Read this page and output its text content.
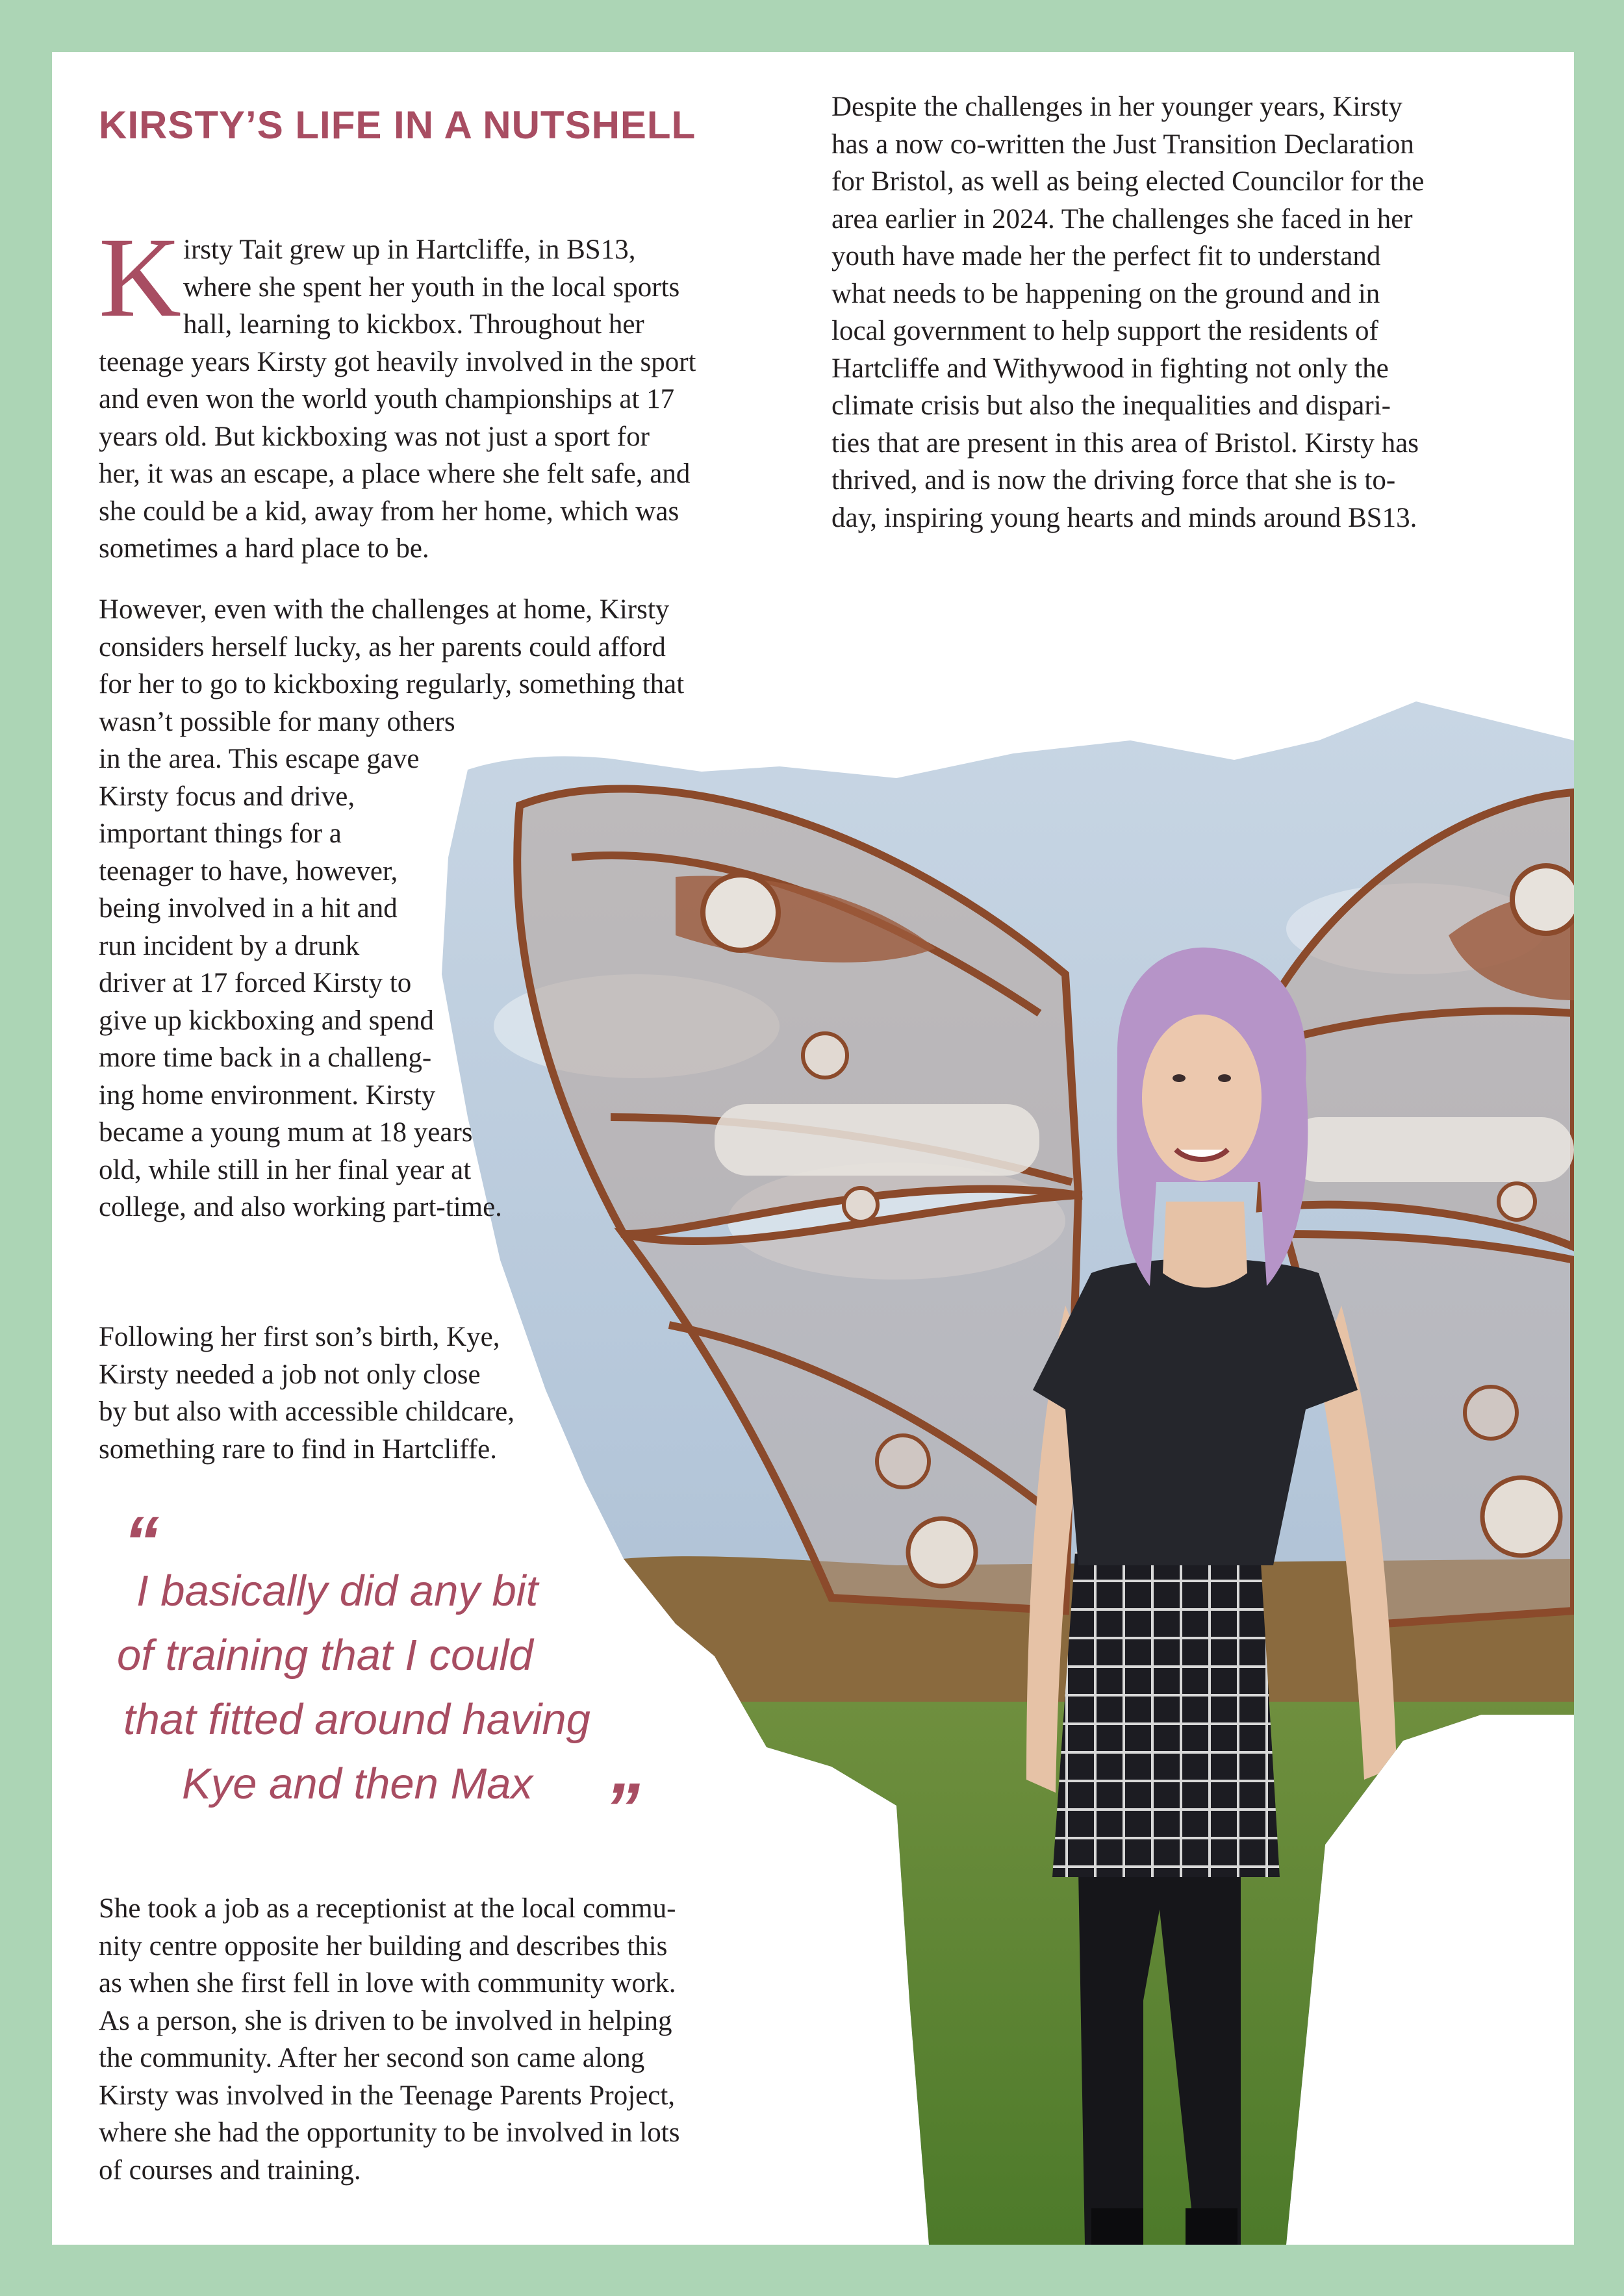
KIRSTY’S LIFE IN A NUTSHELL
K irsty Tait grew up in Hartcliffe, in BS13,
where she spent her youth in the local sports
hall, learning to kickbox. Throughout her
teenage years Kirsty got heavily involved in the sport
and even won the world youth championships at 17
years old. But kickboxing was not just a sport for
her, it was an escape, a place where she felt safe, and
she could be a kid, away from her home, which was
sometimes a hard place to be.

However, even with the challenges at home, Kirsty
considers herself lucky, as her parents could afford
for her to go to kickboxing regularly, something that
wasn’t possible for many others
in the area. This escape gave
Kirsty focus and drive,
important things for a
teenager to have, however,
being involved in a hit and
run incident by a drunk
driver at 17 forced Kirsty to
give up kickboxing and spend
more time back in a challeng-
ing home environment. Kirsty
became a young mum at 18 years
old, while still in her final year at
college, and also working part-time.

Following her first son’s birth, Kye,
Kirsty needed a job not only close
by but also with accessible childcare,
something rare to find in Hartcliffe.

“

I basically did any bit
of training that I could
that fitted around having
Kye and then Max ”

She took a job as a receptionist at the local commu-
nity centre opposite her building and describes this
as when she first fell in love with community work.
As a person, she is driven to be involved in helping
the community. After her second son came along
Kirsty was involved in the Teenage Parents Project,
where she had the opportunity to be involved in lots
of courses and training.

Despite the challenges in her younger years, Kirsty
has a now co-written the Just Transition Declaration
for Bristol, as well as being elected Councilor for the
area earlier in 2024. The challenges she faced in her
youth have made her the perfect fit to understand
what needs to be happening on the ground and in
local government to help support the residents of
Hartcliffe and Withywood in fighting not only the
climate crisis but also the inequalities and dispari-
ties that are present in this area of Bristol. Kirsty has
thrived, and is now the driving force that she is to-
day, inspiring young hearts and minds around BS13.
